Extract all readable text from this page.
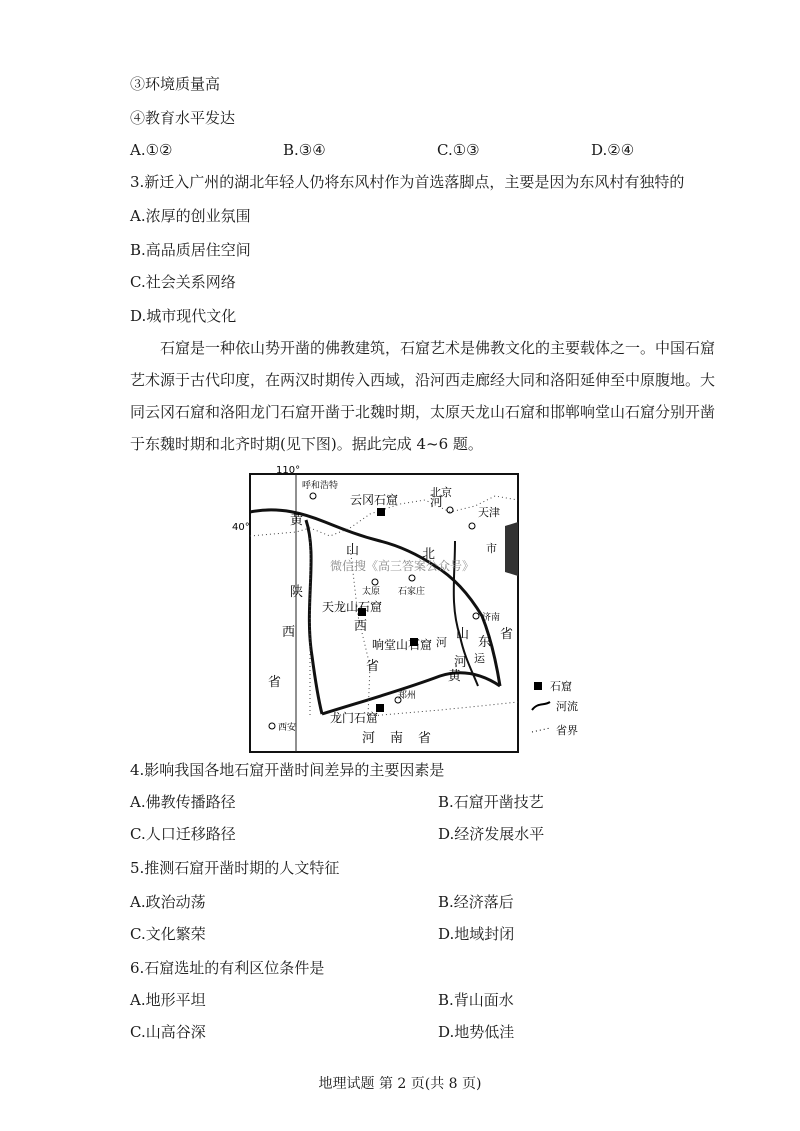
③环境质量高
④教育水平发达
A.①②	B.③④	C.①③	D.②④
3.新迁入广州的湖北年轻人仍将东风村作为首选落脚点，主要是因为东风村有独特的
A.浓厚的创业氛围
B.高品质居住空间
C.社会关系网络
D.城市现代文化
石窟是一种依山势开凿的佛教建筑，石窟艺术是佛教文化的主要载体之一。中国石窟艺术源于古代印度，在两汉时期传入西域，沿河西走廊经大同和洛阳延伸至中原腹地。大同云冈石窟和洛阳龙门石窟开凿于北魏时期，太原天龙山石窟和邯郸响堂山石窟分别开凿于东魏时期和北齐时期(见下图)。据此完成 4~6 题。
110°
40°
云冈石窟
天龙山石窟
响堂山石窟
龙门石窟
呼和浩特	北京
天津
太原 石家庄
济南
郑州
西安
河
北
山
西
省
黄
陕
西
省
山
东
省
河 南 省
市
黄
河 运
河
微信搜《高三答案公众号》
石窟
河流
省界
4.影响我国各地石窟开凿时间差异的主要因素是
A.佛教传播路径	B.石窟开凿技艺
C.人口迁移路径	D.经济发展水平
5.推测石窟开凿时期的人文特征
A.政治动荡	B.经济落后
C.文化繁荣	D.地域封闭
6.石窟选址的有利区位条件是
A.地形平坦	B.背山面水
C.山高谷深	D.地势低洼
地理试题 第 2 页(共 8 页)
